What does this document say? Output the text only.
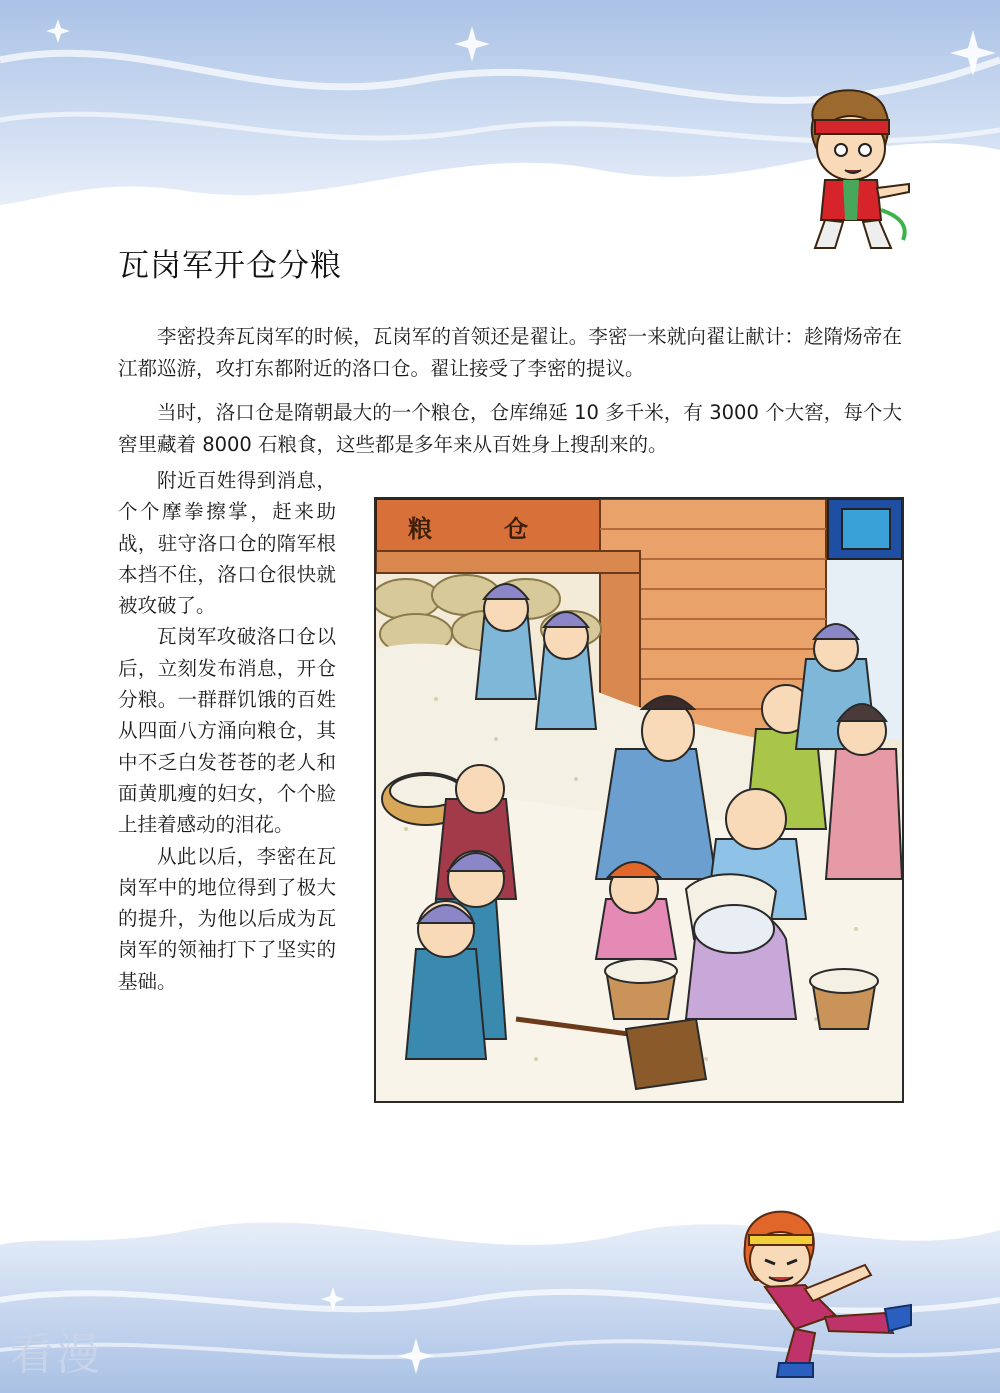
瓦岗军开仓分粮

李密投奔瓦岗军的时候，瓦岗军的首领还是翟让。李密一来就向翟让献计：趁隋炀帝在江都巡游，攻打东都附近的洛口仓。翟让接受了李密的提议。

当时，洛口仓是隋朝最大的一个粮仓，仓库绵延 10 多千米，有 3000 个大窖，每个大窖里藏着 8000 石粮食，这些都是多年来从百姓身上搜刮来的。

附近百姓得到消息，个个摩拳擦掌，赶来助战，驻守洛口仓的隋军根本挡不住，洛口仓很快就被攻破了。

瓦岗军攻破洛口仓以后，立刻发布消息，开仓分粮。一群群饥饿的百姓从四面八方涌向粮仓，其中不乏白发苍苍的老人和面黄肌瘦的妇女，个个脸上挂着感动的泪花。

从此以后，李密在瓦岗军中的地位得到了极大的提升，为他以后成为瓦岗军的领袖打下了坚实的基础。

粮仓
看漫
